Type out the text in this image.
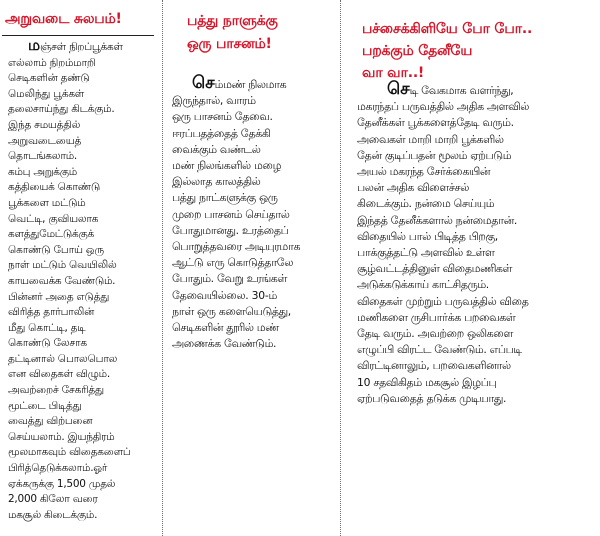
அறுவடை சுலபம்!
மஞ்சள் நிறப்பூக்கள்
எல்லாம் நிறம்மாறி
செடிகளின் தண்டு
மெலிந்து பூக்கள்
தலைசாய்ந்து கிடக்கும்.
இந்த சமயத்தில்
அறுவடையைத்
தொடங்கலாம்.
கம்பு அறுக்கும்
கத்தியைக் கொண்டு
பூக்களை மட்டும்
வெட்டி, குவியலாக
களத்துமேட்டுக்குக்
கொண்டு போய் ஒரு
நாள் மட்டும் வெயிலில்
காயவைக்க வேண்டும்.
பின்னர் அதை எடுத்து
விரித்த தார்பாலின்
மீது கொட்டி, தடி
கொண்டு லேசாக
தட்டினால் பொலபொல
என விதைகள் விழும்.
அவற்றைச் சேகரித்து
மூட்டை பிடித்து
வைத்து விற்பனை
செய்யலாம். இயந்திரம்
மூலமாகவும் விதைகளைப்
பிரித்தெடுக்கலாம்.ஓர்
ஏக்கருக்கு 1,500 முதல்
2,000 கிலோ வரை
மகசூல் கிடைக்கும்.
பத்து நாளுக்கு
ஒரு பாசனம்!
செம்மண் நிலமாக
இருந்தால், வாரம்
ஒரு பாசனம் தேவை.
ஈரப்பதத்தைத் தேக்கி
வைக்கும் வண்டல்
மண் நிலங்களில் மழை
இல்லாத காலத்தில்
பத்து நாட்களுக்கு ஒரு
முறை பாசனம் செய்தால்
போதுமானது. உரத்தைப்
பொறுத்தவரை அடியுரமாக
ஆட்டு எரு கொடுத்தாலே
போதும். வேறு உரங்கள்
தேவையில்லை. 30-ம்
நாள் ஒரு களையெடுத்து,
செடிகளின் தூரில் மண்
அணைக்க வேண்டும்.
பச்சைக்கிளியே போ போ..
பறக்கும் தேனீயே
வா வா..!
செடி வேகமாக வளர்ந்து,
மகரந்தப் பருவத்தில் அதிக அளவில்
தேனீக்கள் பூக்களைத்தேடி வரும்.
அவைகள் மாறி மாறி பூக்களில்
தேன் குடிப்பதன் மூலம் ஏற்படும்
அயல் மகரந்த சேர்க்கையின்
பலன் அதிக விளைச்சல்
கிடைக்கும். நன்மை செய்யும்
இந்தத் தேனீக்களால் நன்மைதான்.
விதையில் பால் பிடித்த பிறகு,
பாக்குத்தட்டு அளவில் உள்ள
சூழ்வட்டத்தினுள் விதைமணிகள்
அடுக்கடுக்காய் காட்சிதரும்.
விதைகள் முற்றும் பருவத்தில் விதை
மணிகளை ருசிபார்க்க பறவைகள்
தேடி வரும். அவற்றை ஒலிகளை
எழுப்பி விரட்ட வேண்டும். எப்படி
விரட்டினாலும், பறவைகளினால்
10 சதவிகிதம் மகசூல் இழப்பு
ஏற்படுவதைத் தடுக்க முடியாது.
